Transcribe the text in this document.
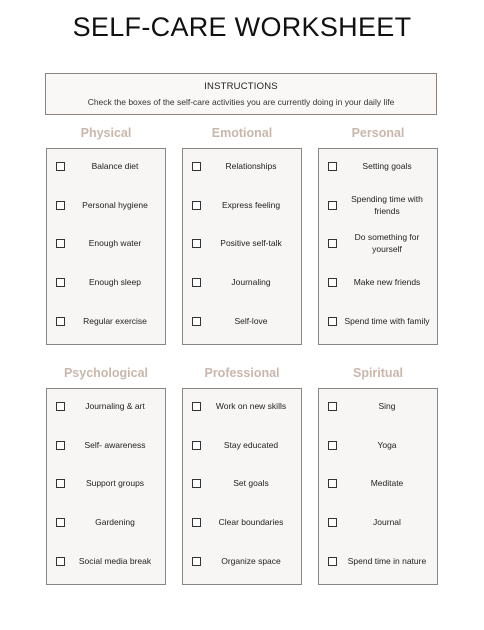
SELF-CARE WORKSHEET
INSTRUCTIONS
Check the boxes of the self-care activities you are currently doing in your daily life
Physical
Balance diet
Personal hygiene
Enough water
Enough sleep
Regular exercise
Emotional
Relationships
Express feeling
Positive self-talk
Journaling
Self-love
Personal
Setting goals
Spending time with friends
Do something for yourself
Make new friends
Spend time with family
Psychological
Journaling & art
Self- awareness
Support groups
Gardening
Social media break
Professional
Work on new skills
Stay educated
Set goals
Clear boundaries
Organize space
Spiritual
Sing
Yoga
Meditate
Journal
Spend time in nature
